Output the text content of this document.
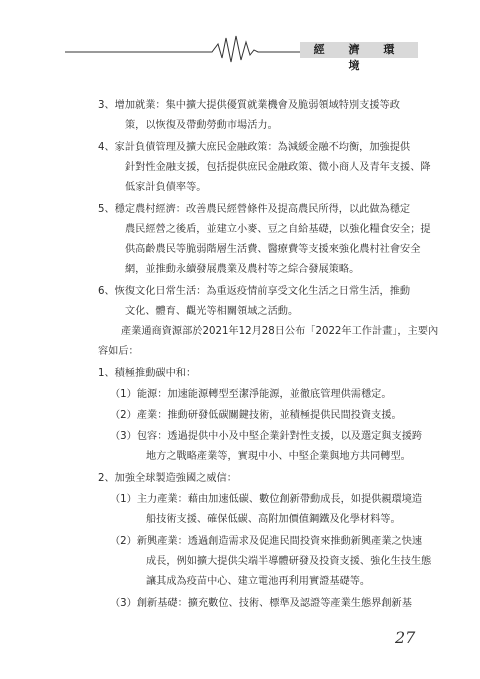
經 濟 環 境
3、增加就業：集中擴大提供優質就業機會及脆弱領域特別支援等政
策，以恢復及帶動勞動市場活力。
4、家計負債管理及擴大庶民金融政策：為減緩金融不均衡，加強提供
針對性金融支援，包括提供庶民金融政策、微小商人及青年支援、降
低家計負債率等。
5、穩定農村經濟：改善農民經營條件及提高農民所得，以此做為穩定
農民經營之後盾，並建立小麥、豆之自給基礎，以強化糧食安全；提
供高齡農民等脆弱階層生活費、醫療費等支援來強化農村社會安全
網，並推動永續發展農業及農村等之綜合發展策略。
6、恢復文化日常生活：為重返疫情前享受文化生活之日常生活，推動
文化、體育、觀光等相關領域之活動。
產業通商資源部於2021年12月28日公布「2022年工作計畫」，主要內
容如后：
1、積極推動碳中和：
（1）能源：加速能源轉型至潔淨能源，並徹底管理供需穩定。
（2）產業：推動研發低碳關鍵技術，並積極提供民間投資支援。
（3）包容：透過提供中小及中堅企業針對性支援，以及選定與支援跨
地方之戰略產業等，實現中小、中堅企業與地方共同轉型。
2、加強全球製造強國之威信：
（1）主力產業：藉由加速低碳、數位創新帶動成長，如提供親環境造
船技術支援、確保低碳、高附加價值鋼鐵及化學材料等。
（2）新興產業：透過創造需求及促進民間投資來推動新興產業之快速
成長，例如擴大提供尖端半導體研發及投資支援、強化生技生態
讓其成為疫苗中心、建立電池再利用實證基礎等。
（3）創新基礎：擴充數位、技術、標準及認證等產業生態界創新基
27
